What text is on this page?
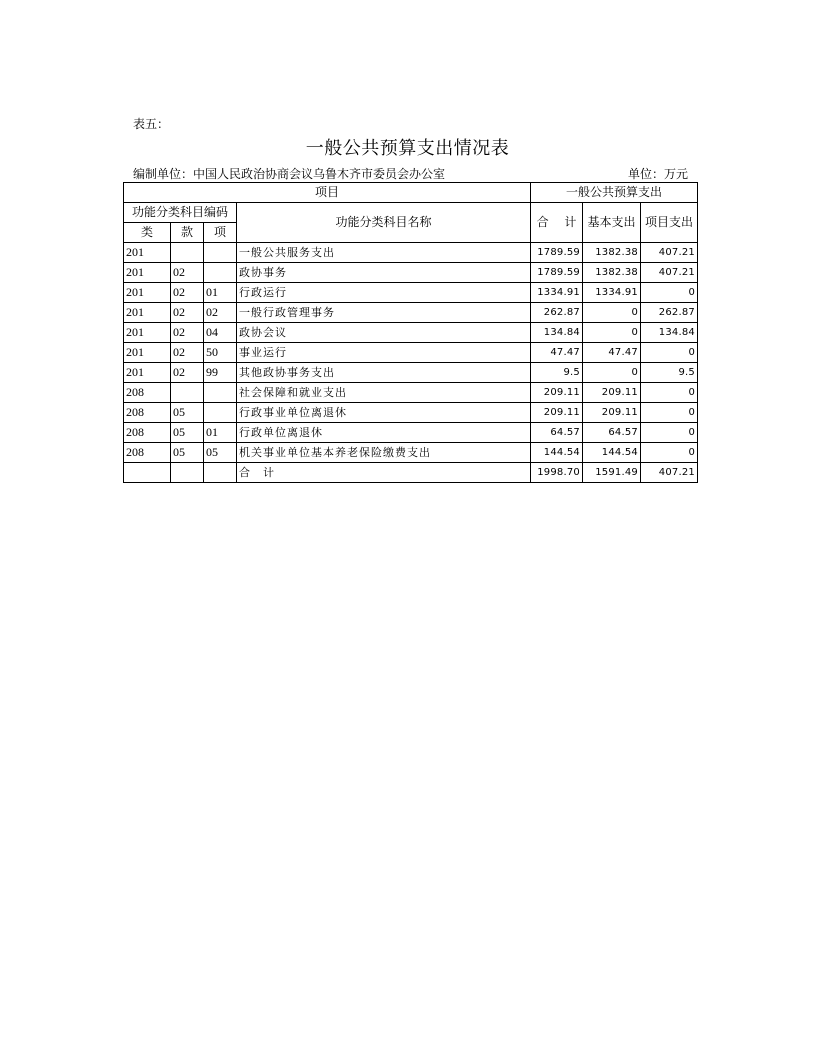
表五：
一般公共预算支出情况表
编制单位：中国人民政治协商会议乌鲁木齐市委员会办公室	单位：万元
项目				一般公共预算支出		
功能分类科目编码			功能分类科目名称	合　 计	基本支出	项目支出
类	款	项				
201			一般公共服务支出	1789.59	1382.38	407.21
201	02		政协事务	1789.59	1382.38	407.21
201	02	01	行政运行	1334.91	1334.91	0
201	02	02	一般行政管理事务	262.87	0	262.87
201	02	04	政协会议	134.84	0	134.84
201	02	50	事业运行	47.47	47.47	0
201	02	99	其他政协事务支出	9.5	0	9.5
208			社会保障和就业支出	209.11	209.11	0
208	05		行政事业单位离退休	209.11	209.11	0
208	05	01	行政单位离退休	64.57	64.57	0
208	05	05	机关事业单位基本养老保险缴费支出	144.54	144.54	0
			合　计	1998.70	1591.49	407.21
